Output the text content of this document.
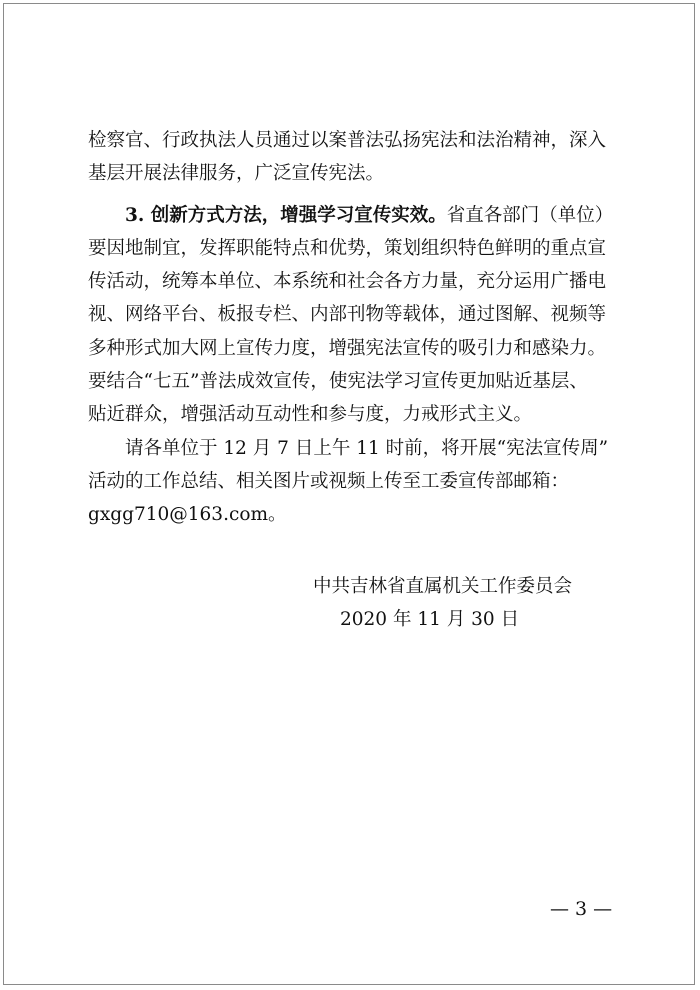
检察官、行政执法人员通过以案普法弘扬宪法和法治精神，深入
基层开展法律服务，广泛宣传宪法。
3. 创新方式方法，增强学习宣传实效。省直各部门（单位）
要因地制宜，发挥职能特点和优势，策划组织特色鲜明的重点宣
传活动，统筹本单位、本系统和社会各方力量，充分运用广播电
视、网络平台、板报专栏、内部刊物等载体，通过图解、视频等
多种形式加大网上宣传力度，增强宪法宣传的吸引力和感染力。
要结合“七五”普法成效宣传，使宪法学习宣传更加贴近基层、
贴近群众，增强活动互动性和参与度，力戒形式主义。
请各单位于 12 月 7 日上午 11 时前，将开展“宪法宣传周”
活动的工作总结、相关图片或视频上传至工委宣传部邮箱：
gxgg710@163.com。
中共吉林省直属机关工作委员会
2020 年 11 月 30 日
— 3 —
